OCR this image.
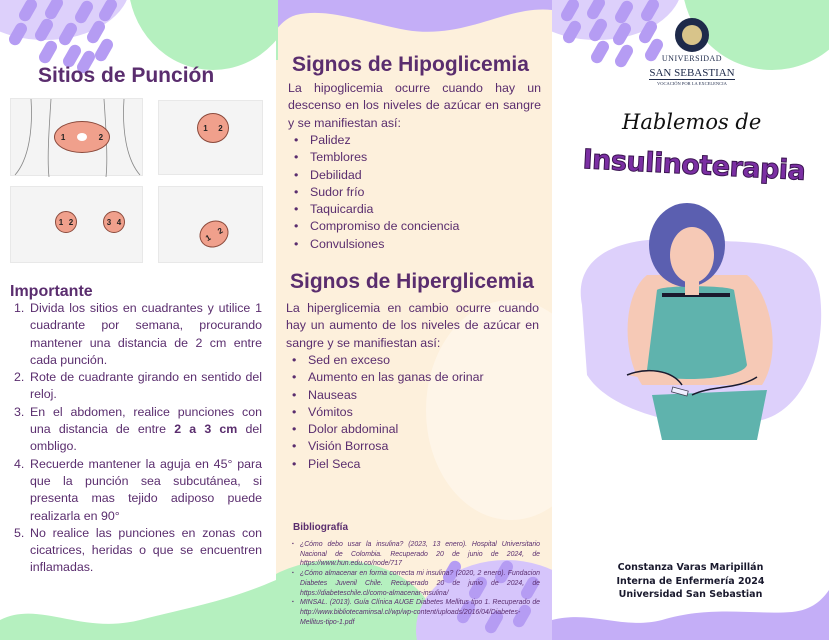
Sitios de Punción
1	2
1 2
1 2	3 4
1
2
Importante
1. Divida los sitios en cuadrantes y utilice 1 cuadrante por semana, procurando mantener una distancia de 2 cm entre cada punción.
2. Rote de cuadrante girando en sentido del reloj.
3. En el abdomen, realice punciones con una distancia de entre 2 a 3 cm del ombligo.
4. Recuerde mantener la aguja en 45° para que la punción sea subcutánea, si presenta mas tejido adiposo puede realizarla en 90°
5. No realice las punciones en zonas con cicatrices, heridas o que se encuentren inflamadas.
Signos de Hipoglicemia

La hipoglicemia ocurre cuando hay un descenso en los niveles de azúcar en sangre y se manifiestan así:

• Palidez
• Temblores
• Debilidad
• Sudor frío
• Taquicardia
• Compromiso de conciencia
• Convulsiones
Signos de Hiperglicemia

La hiperglicemia en cambio ocurre cuando hay un aumento de los niveles de azúcar en sangre y se manifiestan así:

• Sed en exceso
• Aumento en las ganas de orinar
• Nauseas
• Vómitos
• Dolor abdominal
• Visión Borrosa
• Piel Seca
Bibliografía
▪ ¿Cómo debo usar la insulina? (2023, 13 enero). Hospital Universitario Nacional de Colombia. Recuperado 20 de junio de 2024, de https://www.hun.edu.co/node/717
▪ ¿Cómo almacenar en forma correcta mi insulina? (2020, 2 enero). Fundacion Diabetes Juvenil Chile. Recuperado 20 de junio de 2024, de https://diabeteschile.cl/como-almacenar-insulina/
▪ MINSAL. (2013). Guía Clínica AUGE Diabetes Mellitus tipo 1. Recuperado de http://www.bibliotecaminsal.cl/wp/wp-content/uploads/2016/04/Diabetes-Mellitus-tipo-1.pdf
UNIVERSIDAD
SAN SEBASTIAN
VOCACIÓN POR LA EXCELENCIA
Hablemos de
Insulinoterapia
Constanza Varas Maripillán
Interna de Enfermería 2024
Universidad San Sebastian
